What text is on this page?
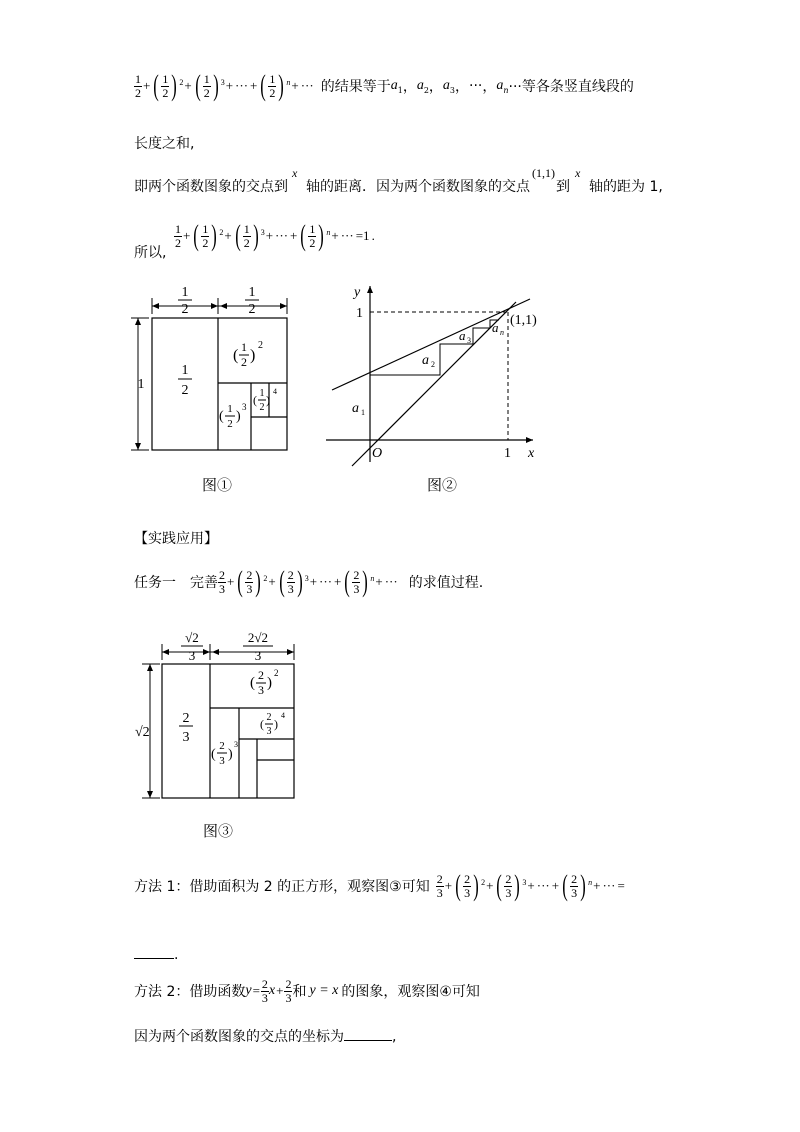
$\frac{1}{2}$ + ( $\frac{1}{2}$ ) 2 + ( $\frac{1}{2}$ ) 3 + ··· + ( $\frac{1}{2}$ ) n + ··· 的结果等于 a 1 ， a 2 ， a 3 ， ··· ， a n ···等各条竖直线段的
长度之和,
即两个函数图象的交点到
x
轴的距离．因为两个函数图象的交点
(1,1)
到
x
轴的距为 1,
所以,
$\frac{1}{2}$ + ( $\frac{1}{2}$ ) 2 + ( $\frac{1}{2}$ ) 3 + ··· + ( $\frac{1}{2}$ ) n + ··· =1 .
1
2
1
2
1
1
2
( 1
2 )
2
( 1
2 )
3 ( 1
2
)
4
图①
y
x
O
1
1
a 1
a 2
a 3
a n
(1,1)
图②
【实践应用】
任务一　完善 $\frac{2}{3}$ + ( $\frac{2}{3}$ ) 2 + ( $\frac{2}{3}$ ) 3 + ··· + ( $\frac{2}{3}$ ) n + ··· 的求值过程.
√2
3
2√2
3
√2
2
3
( 2
3 )
2
(
2
3 )
3
( 2
3
)
4
图③
方法 1：借助面积为 2 的正方形，观察图③可知 $\frac{2}{3}$ + ( $\frac{2}{3}$ ) 2 + ( $\frac{2}{3}$ ) 3 + ··· + ( $\frac{2}{3}$ ) n + ··· =
.
方法 2：借助函数 $y = \frac{2}{3}$ $x + \frac{2}{3}$ 和 y = x 的图象，观察图④可知
因为两个函数图象的交点的坐标为	,
